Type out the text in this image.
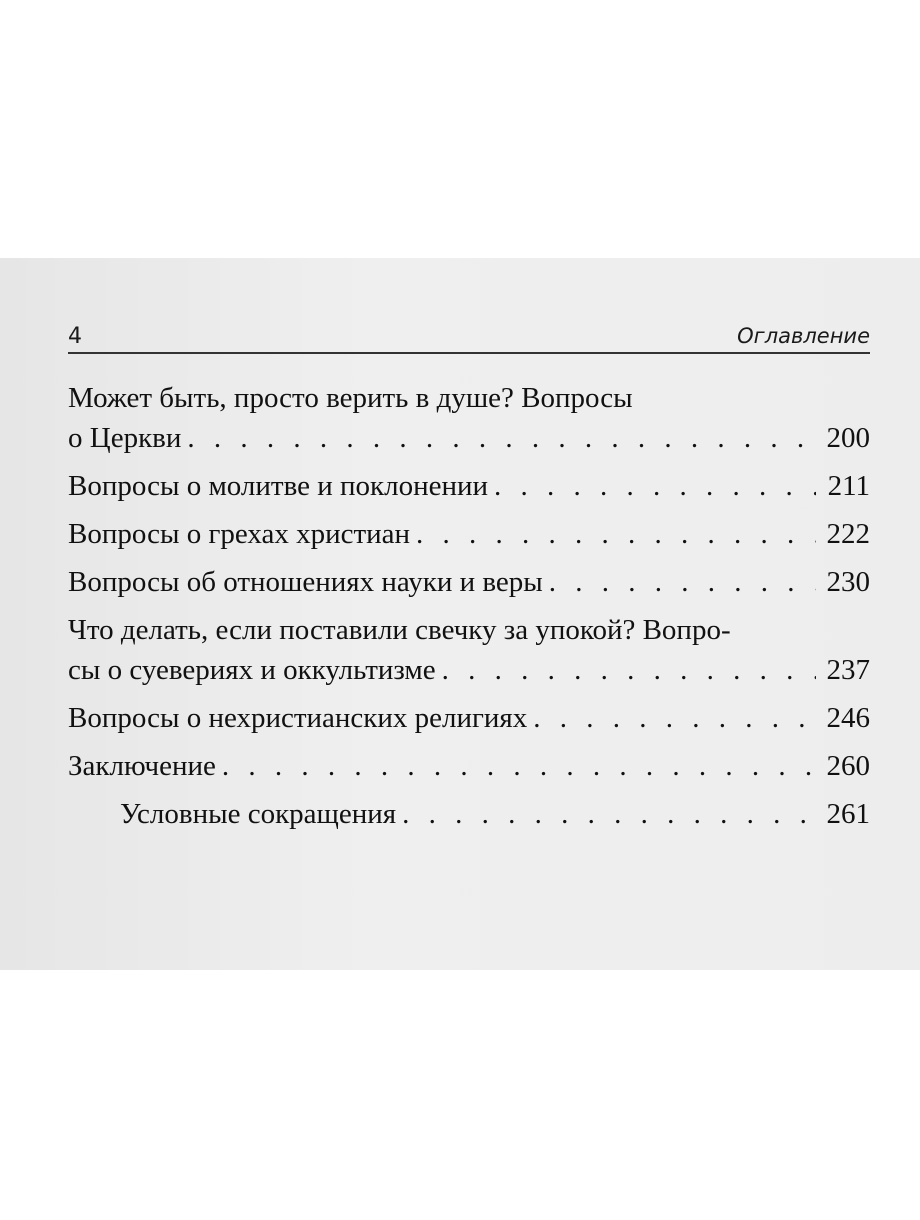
4	Оглавление
Может быть, просто верить в душе? Вопросы
о Церкви . . .	200
Вопросы о молитве и поклонении . . .	211
Вопросы о грехах христиан . . .	222
Вопросы об отношениях науки и веры . . .	230
Что делать, если поставили свечку за упокой? Вопро-
сы о суевериях и оккультизме . . .	237
Вопросы о нехристианских религиях . . .	246
Заключение . . .	260
Условные сокращения . . .	261
